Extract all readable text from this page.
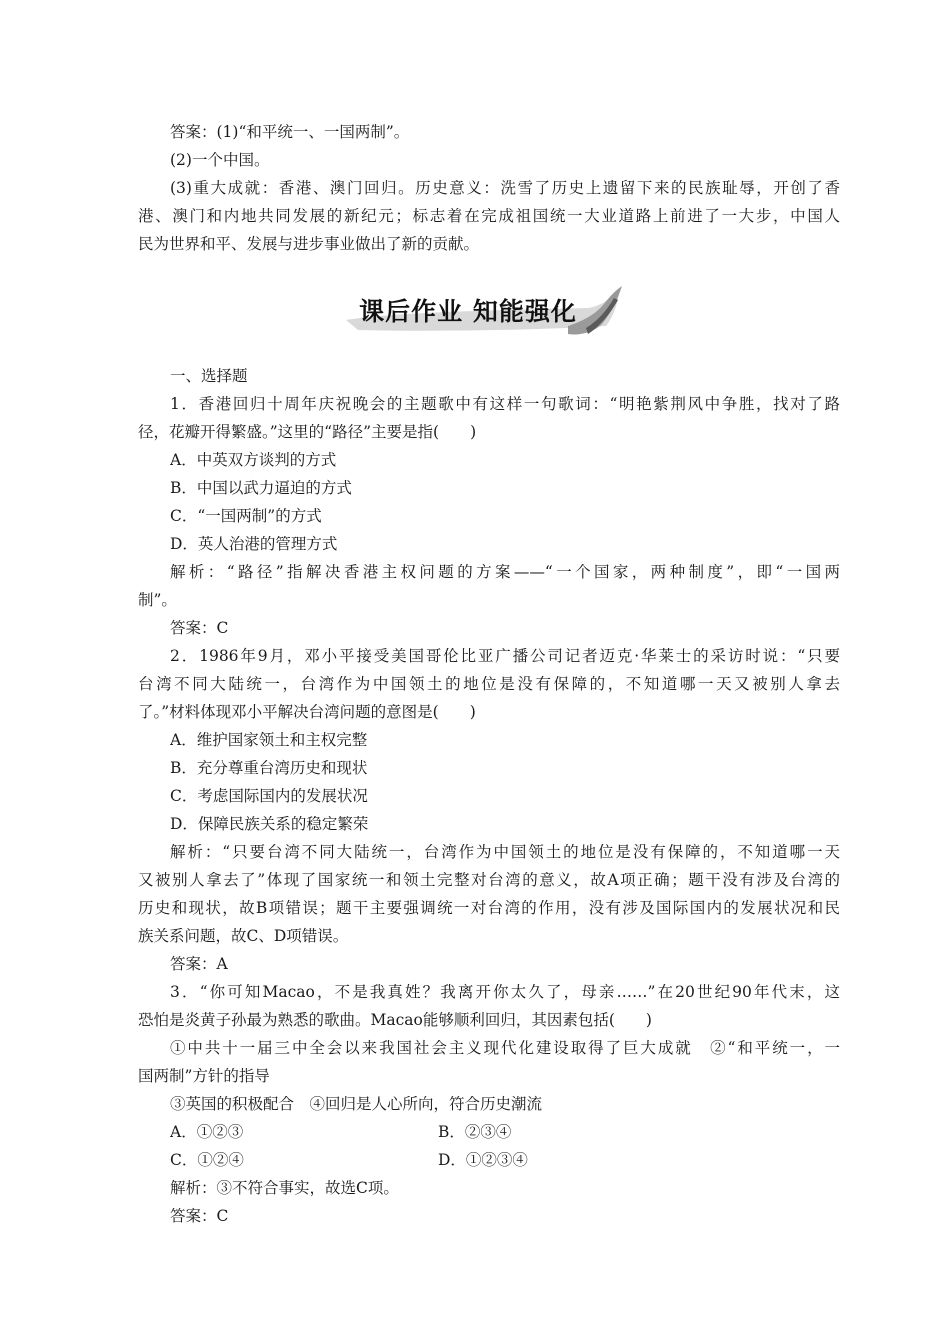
答案：(1)“和平统一、一国两制”。
(2)一个中国。
(3)重大成就：香港、澳门回归。历史意义：洗雪了历史上遗留下来的民族耻辱，开创了香
港、澳门和内地共同发展的新纪元；标志着在完成祖国统一大业道路上前进了一大步，中国人
民为世界和平、发展与进步事业做出了新的贡献。
课后作业 知能强化
一、选择题
1．香港回归十周年庆祝晚会的主题歌中有这样一句歌词：“明艳紫荆风中争胜，找对了路
径，花瓣开得繁盛。”这里的“路径”主要是指(　　)
A．中英双方谈判的方式
B．中国以武力逼迫的方式
C．“一国两制”的方式
D．英人治港的管理方式
解析：“路径”指解决香港主权问题的方案——“一个国家，两种制度”，即“一国两
制”。
答案：C
2．1986年9月，邓小平接受美国哥伦比亚广播公司记者迈克·华莱士的采访时说：“只要
台湾不同大陆统一，台湾作为中国领土的地位是没有保障的，不知道哪一天又被别人拿去
了。”材料体现邓小平解决台湾问题的意图是(　　)
A．维护国家领土和主权完整
B．充分尊重台湾历史和现状
C．考虑国际国内的发展状况
D．保障民族关系的稳定繁荣
解析：“只要台湾不同大陆统一，台湾作为中国领土的地位是没有保障的，不知道哪一天
又被别人拿去了”体现了国家统一和领土完整对台湾的意义，故A项正确；题干没有涉及台湾的
历史和现状，故B项错误；题干主要强调统一对台湾的作用，没有涉及国际国内的发展状况和民
族关系问题，故C、D项错误。
答案：A
3．“你可知Macao，不是我真姓？我离开你太久了，母亲……”在20世纪90年代末，这
恐怕是炎黄子孙最为熟悉的歌曲。Macao能够顺利回归，其因素包括(　　)
①中共十一届三中全会以来我国社会主义现代化建设取得了巨大成就　②“和平统一，一
国两制”方针的指导
③英国的积极配合　④回归是人心所向，符合历史潮流
A．①②③	B．②③④
C．①②④	D．①②③④
解析：③不符合事实，故选C项。
答案：C
